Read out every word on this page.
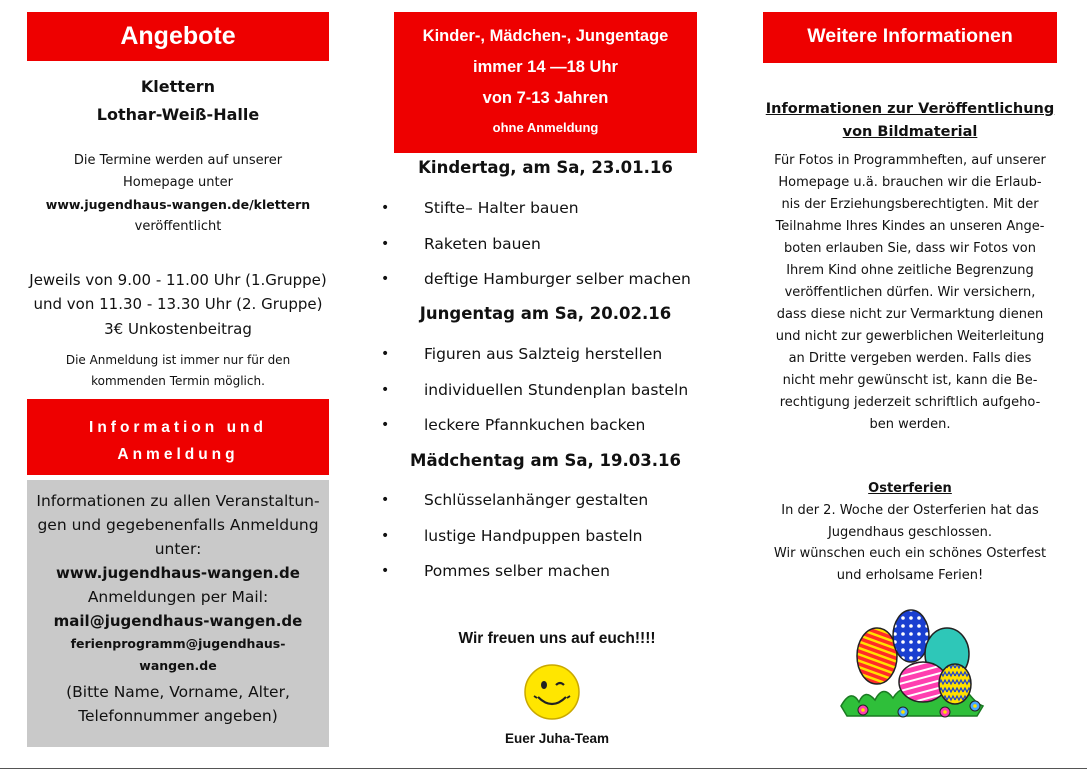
Angebote
Klettern
Lothar-Weiß-Halle
Die Termine werden auf unserer
Homepage unter
www.jugendhaus-wangen.de/klettern
veröffentlicht
Jeweils von 9.00 - 11.00 Uhr (1.Gruppe)
und von 11.30 - 13.30 Uhr (2. Gruppe)
3€ Unkostenbeitrag
Die Anmeldung ist immer nur für den
kommenden Termin möglich.
Information und
Anmeldung
Informationen zu allen Veranstaltun-
gen und gegebenenfalls Anmeldung
unter:
www.jugendhaus-wangen.de
Anmeldungen per Mail:
mail@jugendhaus-wangen.de
ferienprogramm@jugendhaus-
wangen.de
(Bitte Name, Vorname, Alter,
Telefonnummer angeben)
Kinder-, Mädchen-, Jungentage
immer 14 —18 Uhr
von 7-13 Jahren
ohne Anmeldung
Kindertag, am Sa, 23.01.16
• Stifte– Halter bauen
• Raketen bauen
• deftige Hamburger selber machen
Jungentag am Sa, 20.02.16
• Figuren aus Salzteig herstellen
• individuellen Stundenplan basteln
• leckere Pfannkuchen backen
Mädchentag am Sa, 19.03.16
• Schlüsselanhänger gestalten
• lustige Handpuppen basteln
• Pommes selber machen
Wir freuen uns auf euch!!!!
Euer Juha-Team
Weitere Informationen
Informationen zur Veröffentlichung
von Bildmaterial
Für Fotos in Programmheften, auf unserer
Homepage u.ä. brauchen wir die Erlaub-
nis der Erziehungsberechtigten. Mit der
Teilnahme Ihres Kindes an unseren Ange-
boten erlauben Sie, dass wir Fotos von
Ihrem Kind ohne zeitliche Begrenzung
veröffentlichen dürfen. Wir versichern,
dass diese nicht zur Vermarktung dienen
und nicht zur gewerblichen Weiterleitung
an Dritte vergeben werden. Falls dies
nicht mehr gewünscht ist, kann die Be-
rechtigung jederzeit schriftlich aufgeho-
ben werden.
Osterferien
In der 2. Woche der Osterferien hat das
Jugendhaus geschlossen.
Wir wünschen euch ein schönes Osterfest
und erholsame Ferien!
